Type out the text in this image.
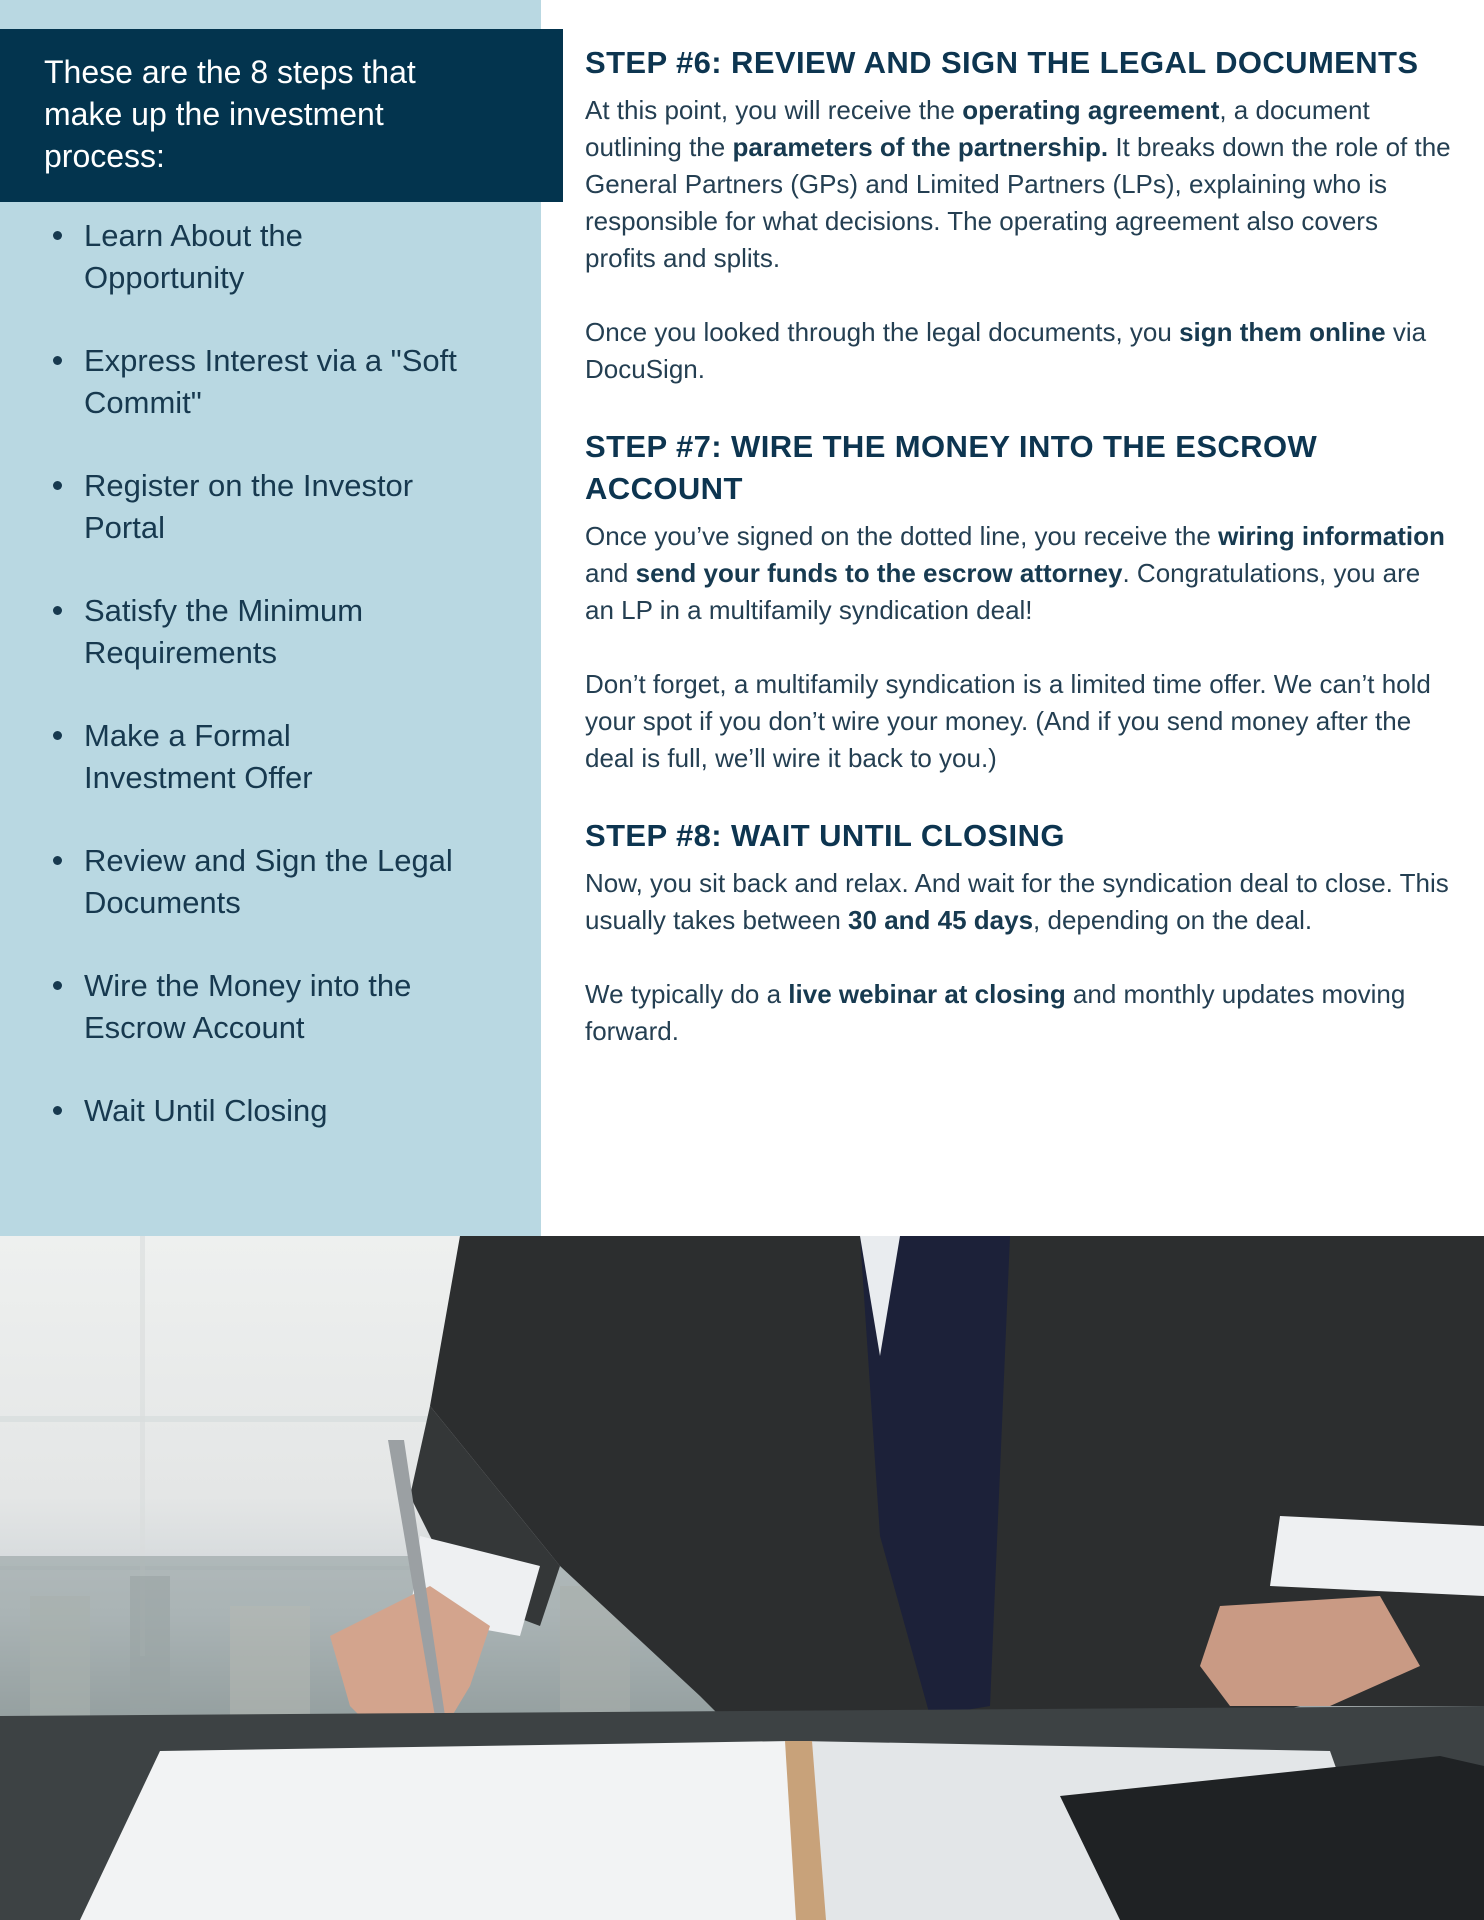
These are the 8 steps that
make up the investment
process:
Learn About the
Opportunity
Express Interest via a "Soft
Commit"
Register on the Investor
Portal
Satisfy the Minimum
Requirements
Make a Formal
Investment Offer
Review and Sign the Legal
Documents
Wire the Money into the
Escrow Account
Wait Until Closing
STEP #6: REVIEW AND SIGN THE LEGAL DOCUMENTS

At this point, you will receive the operating agreement, a document outlining the parameters of the partnership. It breaks down the role of the General Partners (GPs) and Limited Partners (LPs), explaining who is responsible for what decisions. The operating agreement also covers profits and splits.

Once you looked through the legal documents, you sign them online via DocuSign.

STEP #7: WIRE THE MONEY INTO THE ESCROW ACCOUNT

Once you’ve signed on the dotted line, you receive the wiring information and send your funds to the escrow attorney. Congratulations, you are an LP in a multifamily syndication deal!

Don’t forget, a multifamily syndication is a limited time offer. We can’t hold your spot if you don’t wire your money. (And if you send money after the deal is full, we’ll wire it back to you.)

STEP #8: WAIT UNTIL CLOSING

Now, you sit back and relax. And wait for the syndication deal to close. This usually takes between 30 and 45 days, depending on the deal.

We typically do a live webinar at closing and monthly updates moving forward.
